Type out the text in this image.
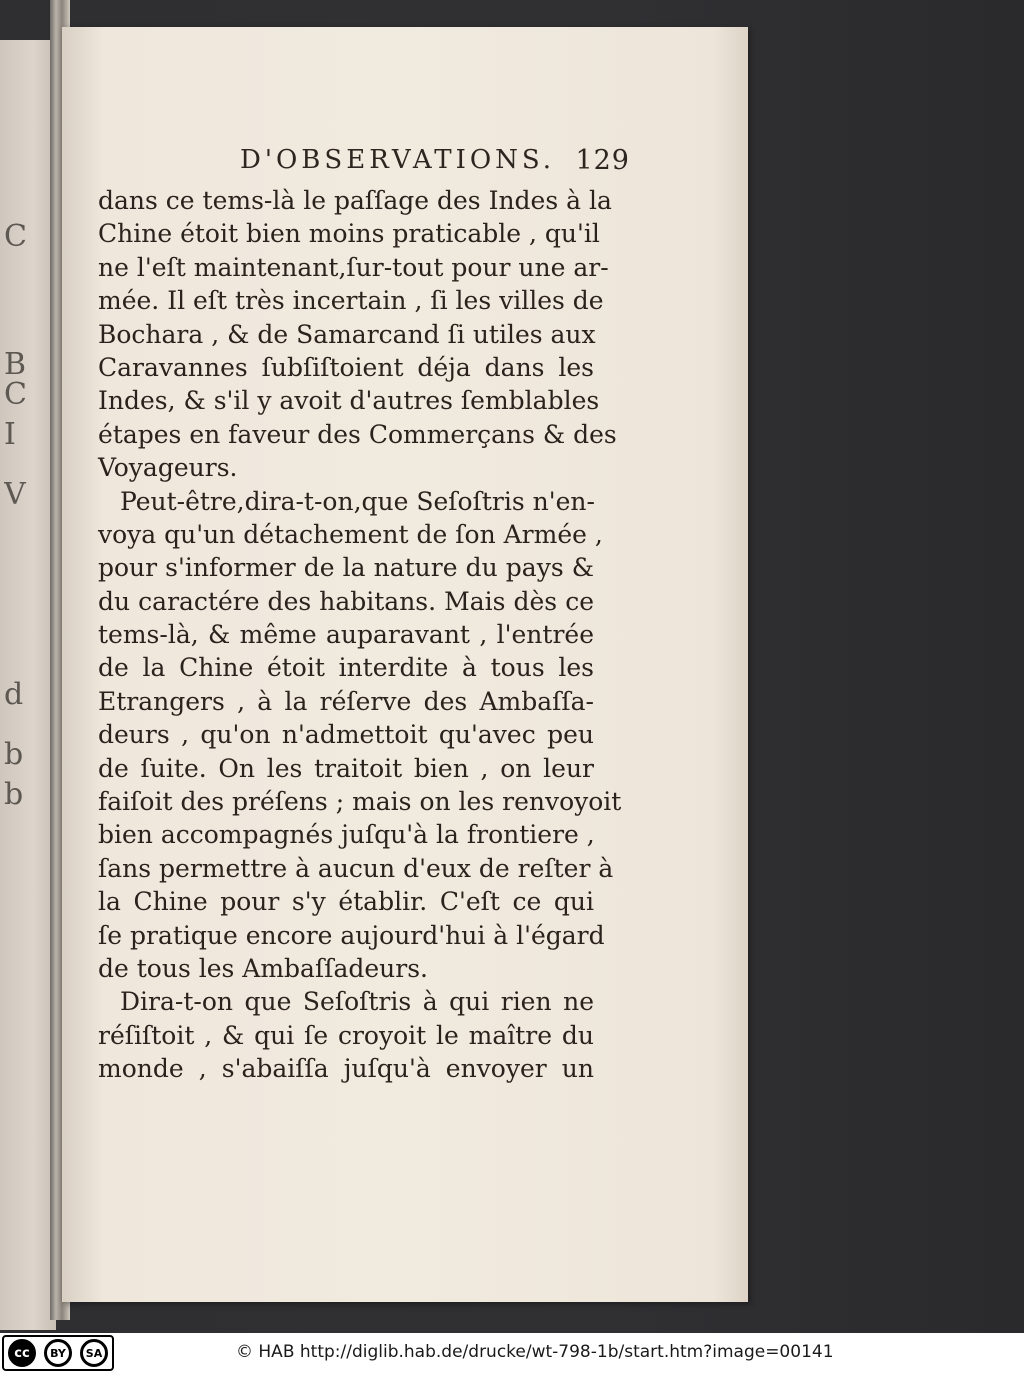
C
B
C
I
V
d
b
b
D'OBSERVATIONS. 129
dans ce tems-là le paſſage des Indes à la
Chine étoit bien moins praticable , qu'il
ne l'eſt maintenant,ſur-tout pour une ar-
mée. Il eſt très incertain , ſi les villes de
Bochara , & de Samarcand ſi utiles aux
Caravannes ſubſiſtoient déja dans les
Indes, & s'il y avoit d'autres ſemblables
étapes en faveur des Commerçans & des
Voyageurs.
Peut-être,dira-t-on,que Seſoſtris n'en-
voya qu'un détachement de ſon Armée ,
pour s'informer de la nature du pays &
du caractére des habitans. Mais dès ce
tems-là, & même auparavant , l'entrée
de la Chine étoit interdite à tous les
Etrangers , à la réſerve des Ambaſſa-
deurs , qu'on n'admettoit qu'avec peu
de ſuite. On les traitoit bien , on leur
faiſoit des préſens ; mais on les renvoyoit
bien accompagnés juſqu'à la frontiere ,
ſans permettre à aucun d'eux de reſter à
la Chine pour s'y établir. C'eſt ce qui
ſe pratique encore aujourd'hui à l'égard
de tous les Ambaſſadeurs.
Dira-t-on que Seſoſtris à qui rien ne
réſiſtoit , & qui ſe croyoit le maître du
monde , s'abaiſſa juſqu'à envoyer un
cc	BY	SA	© HAB http://diglib.hab.de/drucke/wt-798-1b/start.htm?image=00141
